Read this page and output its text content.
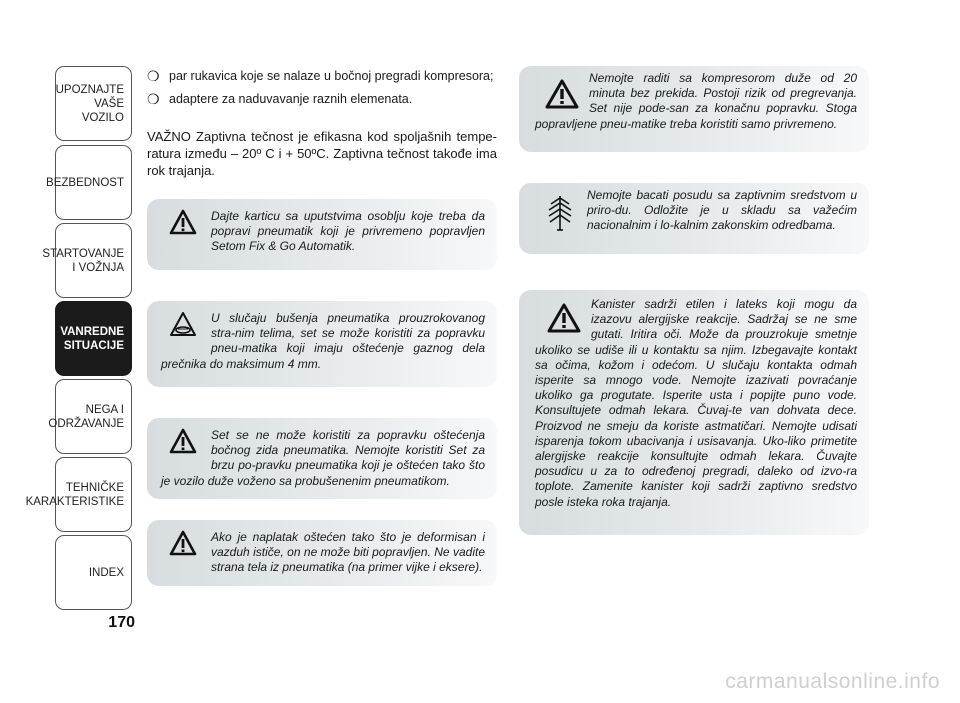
UPOZNAJTE
VAŠE VOZILO
BEZBEDNOST
STARTOVANJE
I VOŽNJA
VANREDNE
SITUACIJE
NEGA I
ODRŽAVANJE
TEHNIČKE
KARAKTERISTIKE
INDEX
170
❍ par rukavica koje se nalaze u bočnoj pregradi kompresora;
❍ adaptere za naduvavanje raznih elemenata.
VAŽNO Zaptivna tečnost je efikasna kod spoljašnih tempe-ratura između – 20º C i + 50ºC. Zaptivna tečnost takođe ima rok trajanja.

Dajte karticu sa uputstvima osoblju koje treba da popravi pneumatik koji je privremeno popravljen Setom Fix & Go Automatik.

U slučaju bušenja pneumatika prouzrokovanog stra-nim telima, set se može koristiti za popravku pneu-matika koji imaju oštećenje gaznog dela prečnika do maksimum 4 mm.

Set se ne može koristiti za popravku oštećenja bočnog zida pneumatika. Nemojte koristiti Set za brzu po-pravku pneumatika koji je oštećen tako što je vozilo duže voženo sa probušenenim pneumatikom.

Ako je naplatak oštećen tako što je deformisan i vazduh ističe, on ne može biti popravljen. Ne vadite strana tela iz pneumatika (na primer vijke i eksere).

Nemojte raditi sa kompresorom duže od 20 minuta bez prekida. Postoji rizik od pregrevanja. Set nije pode-san za konačnu popravku. Stoga popravljene pneu-matike treba koristiti samo privremeno.

Nemojte bacati posudu sa zaptivnim sredstvom u priro-du. Odložite je u skladu sa važećim nacionalnim i lo-kalnim zakonskim odredbama.

Kanister sadrži etilen i lateks koji mogu da izazovu alergijske reakcije. Sadržaj se ne sme gutati. Iritira oči. Može da prouzrokuje smetnje ukoliko se udiše ili u kontaktu sa njim. Izbegavajte kontakt sa očima, kožom i odećom. U slučaju kontakta odmah isperite sa mnogo vode. Nemojte izazivati povraćanje ukoliko ga progutate. Isperite usta i popijte puno vode. Konsultujete odmah lekara. Čuvaj-te van dohvata dece. Proizvod ne smeju da koriste astmatičari. Nemojte udisati isparenja tokom ubacivanja i usisavanja. Uko-liko primetite alergijske reakcije konsultujte odmah lekara. Čuvajte posudicu u za to određenoj pregradi, daleko od izvo-ra toplote. Zamenite kanister koji sadrži zaptivno sredstvo posle isteka roka trajanja.

carmanualsonline.info
